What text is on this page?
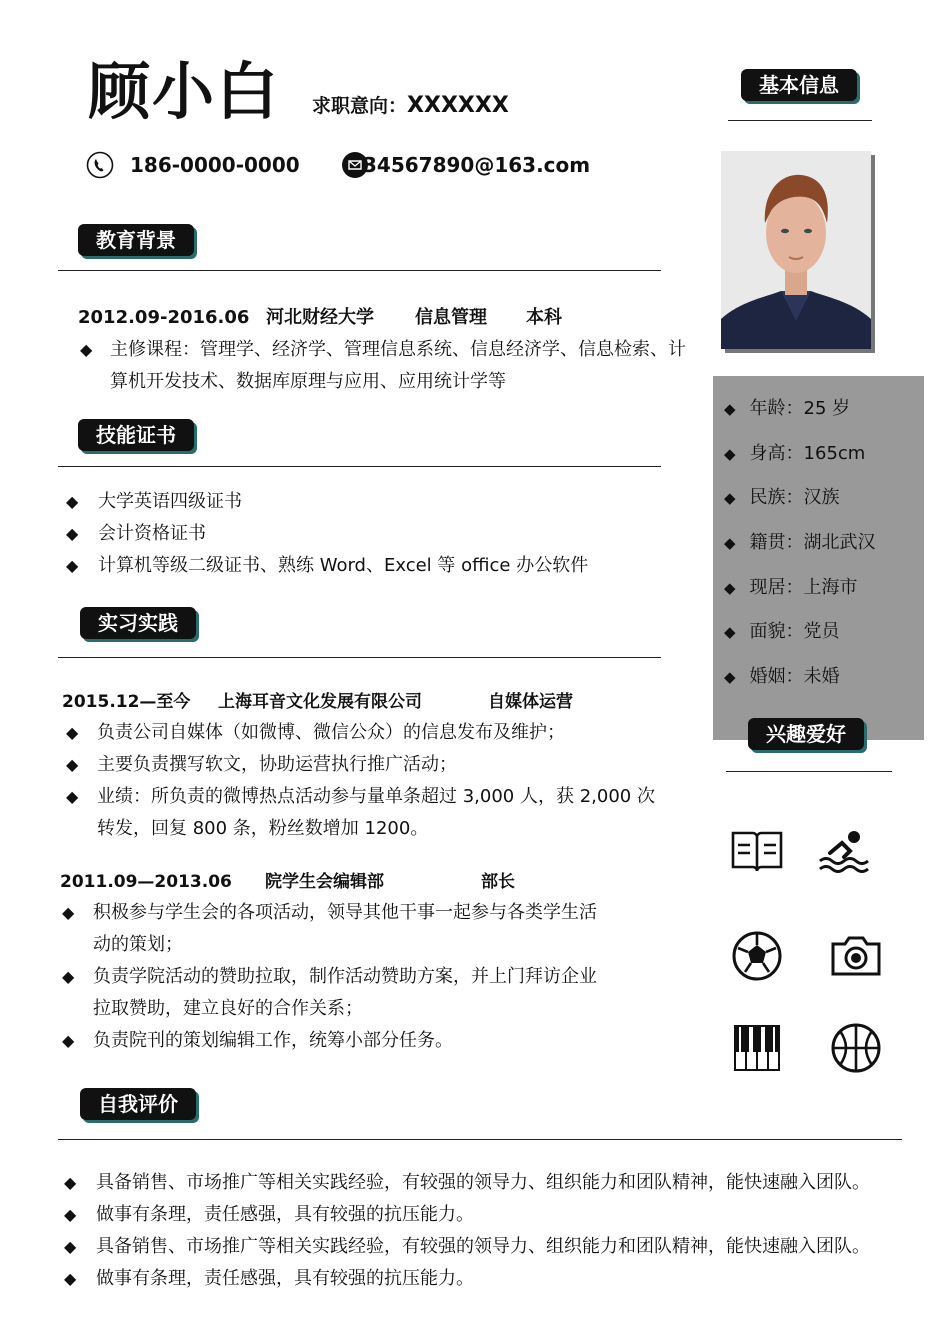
顾小白 求职意向：XXXXXX
186-0000-0000	34567890@163.com
教育背景
2012.09-2016.06 河北财经大学 信息管理 本科
◆ 主修课程：管理学、经济学、管理信息系统、信息经济学、信息检索、计
算机开发技术、数据库原理与应用、应用统计学等
技能证书
◆ 大学英语四级证书
◆ 会计资格证书
◆ 计算机等级二级证书、熟练 Word、Excel 等 office 办公软件
实习实践
2015.12—至今 上海耳音文化发展有限公司	自媒体运营
◆ 负责公司自媒体（如微博、微信公众）的信息发布及维护；
◆ 主要负责撰写软文，协助运营执行推广活动；
◆ 业绩：所负责的微博热点活动参与量单条超过 3,000 人，获 2,000 次
转发，回复 800 条，粉丝数增加 1200。
2011.09—2013.06 院学生会编辑部	部长
◆ 积极参与学生会的各项活动，领导其他干事一起参与各类学生活
动的策划；
◆ 负责学院活动的赞助拉取，制作活动赞助方案，并上门拜访企业
拉取赞助，建立良好的合作关系；
◆ 负责院刊的策划编辑工作，统筹小部分任务。
自我评价
◆ 具备销售、市场推广等相关实践经验，有较强的领导力、组织能力和团队精神，能快速融入团队。
◆ 做事有条理，责任感强，具有较强的抗压能力。
◆ 具备销售、市场推广等相关实践经验，有较强的领导力、组织能力和团队精神，能快速融入团队。
◆ 做事有条理，责任感强，具有较强的抗压能力。
基本信息
◆ 年龄：25 岁
◆ 身高：165cm
◆ 民族：汉族
◆ 籍贯：湖北武汉
◆ 现居：上海市
◆ 面貌：党员
◆ 婚姻：未婚
兴趣爱好
